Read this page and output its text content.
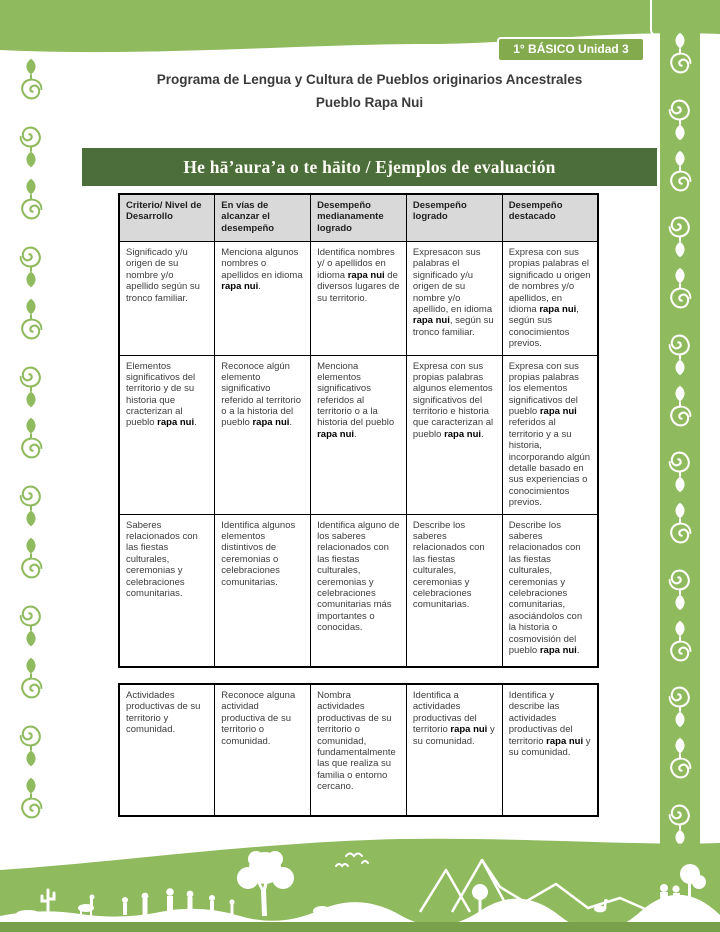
1° BÁSICO Unidad 3
Programa de Lengua y Cultura de Pueblos originarios Ancestrales
Pueblo Rapa Nui
He hā’aura’a o te hāito / Ejemplos de evaluación
Criterio/ Nivel de Desarrollo	En vías de alcanzar el desempeño	Desempeño medianamente logrado	Desempeño logrado	Desempeño destacado
Significado y/u origen de su nombre y/o apellido según su tronco familiar.	Menciona algunos nombres o apellidos en idioma rapa nui.	Identifica nombres y/ o apellidos en idioma rapa nui de diversos lugares de su territorio.	Expresacon sus palabras el significado y/u origen de su nombre y/o apellido, en idioma rapa nui, según su tronco familiar.	Expresa con sus propias palabras el significado u origen de nombres y/o apellidos, en idioma rapa nui, según sus conocimientos previos.
Elementos significativos del territorio y de su historia que cracterizan al pueblo rapa nui.	Reconoce algún elemento significativo referido al territorio o a la historia del pueblo rapa nui.	Menciona elementos significativos referidos al territorio o a la historia del pueblo rapa nui.	Expresa con sus propias palabras algunos elementos significativos del territorio e historia que caracterizan al pueblo rapa nui.	Expresa con sus propias palabras los elementos significativos del pueblo rapa nui referidos al territorio y a su historia, incorporando algún detalle basado en sus experiencias o conocimientos previos.
Saberes relacionados con las fiestas culturales, ceremonias y celebraciones comunitarias.	Identifica algunos elementos distintivos de ceremonias o celebraciones comunitarias.	Identifica alguno de los saberes relacionados con las fiestas culturales, ceremonias y celebraciones comunitarias más importantes o conocidas.	Describe los saberes relacionados con las fiestas culturales, ceremonias y celebraciones comunitarias.	Describe los saberes relacionados con las fiestas culturales, ceremonias y celebraciones comunitarias, asociándolos con la historia o cosmovisión del pueblo rapa nui.
Actividades productivas de su territorio y comunidad.	Reconoce alguna actividad productiva de su territorio o comunidad.	Nombra actividades productivas de su territorio o comunidad, fundamentalmente las que realiza su familia o entorno cercano.	Identifica a actividades productivas del territorio rapa nui y su comunidad.	Identifica y describe las actividades productivas del territorio rapa nui y su comunidad.
